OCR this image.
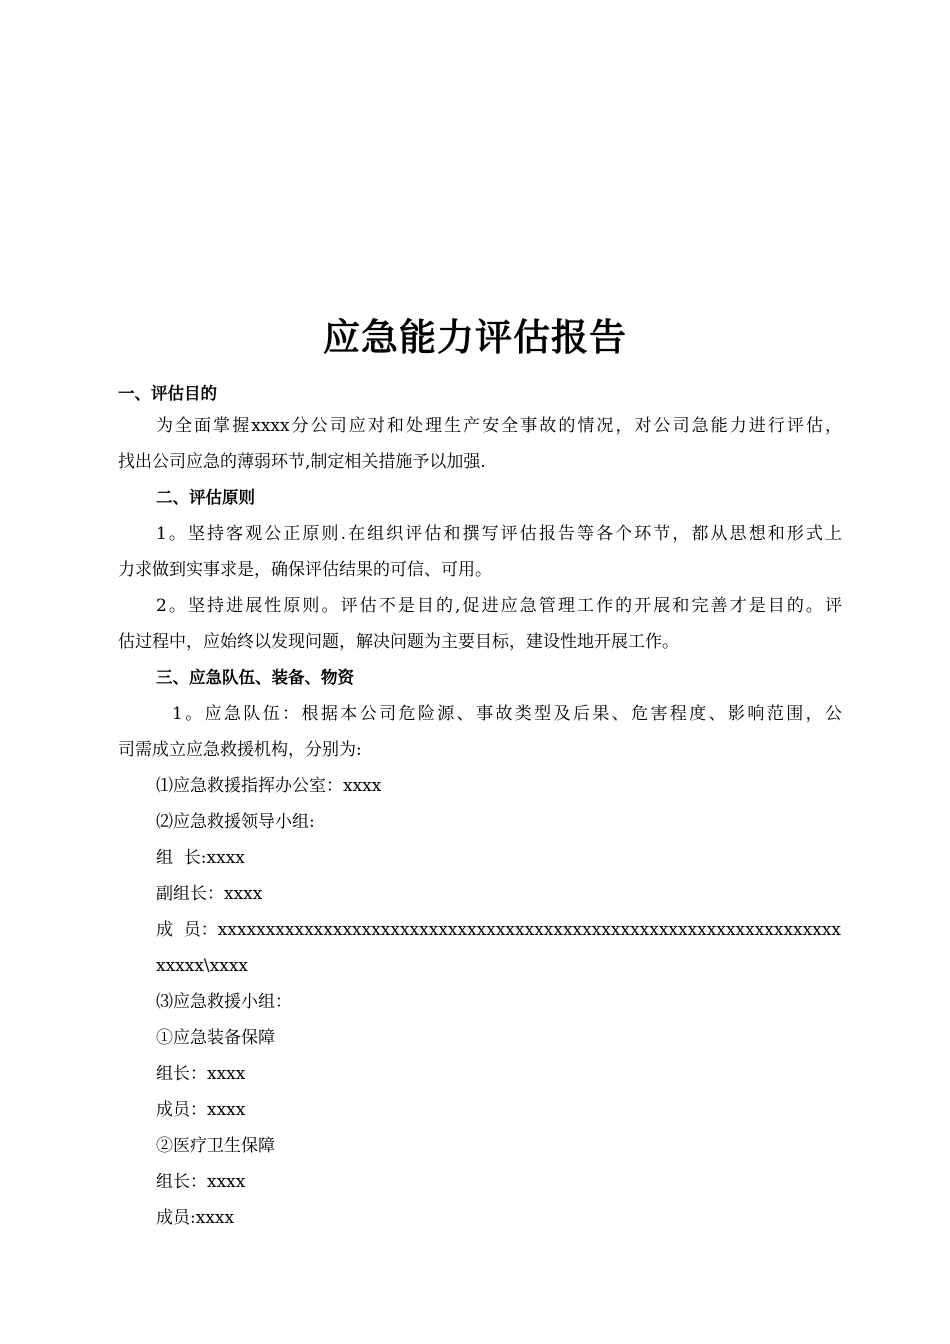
应急能力评估报告
一、评估目的
为全面掌握xxxx分公司应对和处理生产安全事故的情况，对公司急能力进行评估，
找出公司应急的薄弱环节,制定相关措施予以加强.
二、评估原则
1。坚持客观公正原则.在组织评估和撰写评估报告等各个环节，都从思想和形式上
力求做到实事求是，确保评估结果的可信、可用。
2。坚持进展性原则。评估不是目的,促进应急管理工作的开展和完善才是目的。评
估过程中，应始终以发现问题，解决问题为主要目标，建设性地开展工作。
三、应急队伍、装备、物资
1。应急队伍：根据本公司危险源、事故类型及后果、危害程度、影响范围，公
司需成立应急救援机构，分别为:
⑴应急救援指挥办公室：xxxx
⑵应急救援领导小组:
组  长:xxxx
副组长：xxxx
成  员：xxxxxxxxxxxxxxxxxxxxxxxxxxxxxxxxxxxxxxxxxxxxxxxxxxxxxxxxxxxxxxxxxxxxxx\xxxx
⑶应急救援小组：
①应急装备保障
组长：xxxx
成员：xxxx
②医疗卫生保障
组长：xxxx
成员:xxxx
